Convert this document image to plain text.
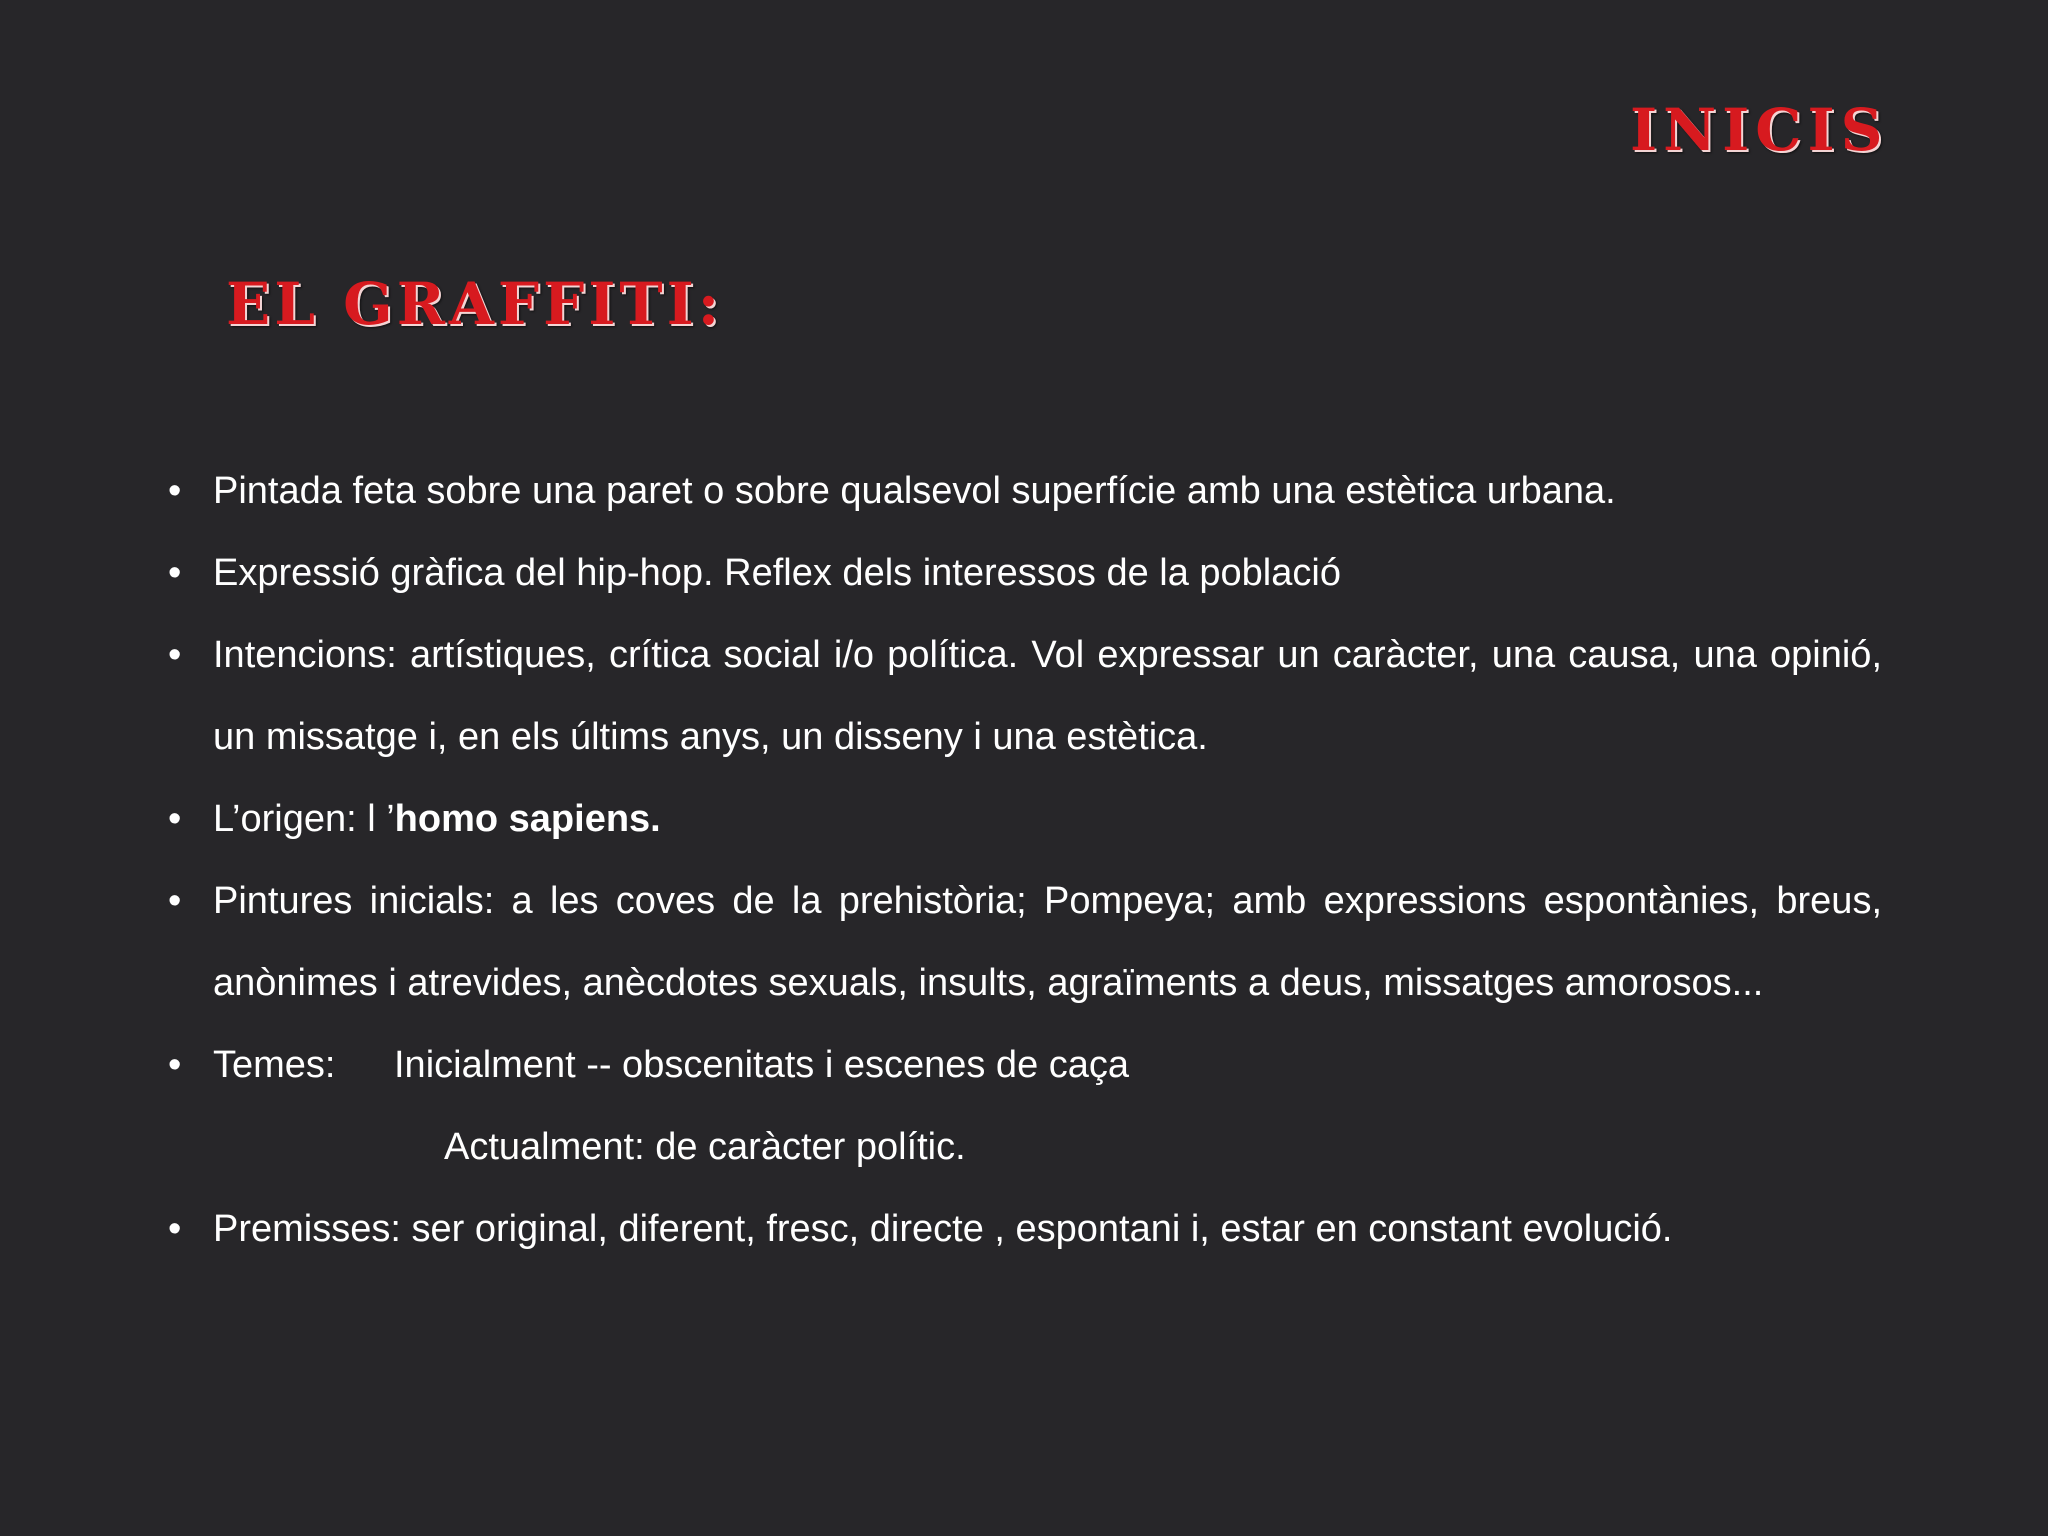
INICIS
EL GRAFFITI:
• Pintada feta sobre una paret o sobre qualsevol superfície amb una estètica urbana.
• Expressió gràfica del hip-hop. Reflex dels interessos de la població
• Intencions: artístiques, crítica social i/o política. Vol expressar un caràcter, una causa, una opinió, un missatge i, en els últims anys, un disseny i una estètica.
• L’origen: l ’homo sapiens.
• Pintures inicials: a les coves de la prehistòria; Pompeya; amb expressions espontànies, breus, anònimes i atrevides, anècdotes sexuals, insults, agraïments a deus, missatges amorosos...
• Temes:	Inicialment -- obscenitats i escenes de caça
Actualment: de caràcter polític.
• Premisses: ser original, diferent, fresc, directe , espontani i, estar en constant evolució.
